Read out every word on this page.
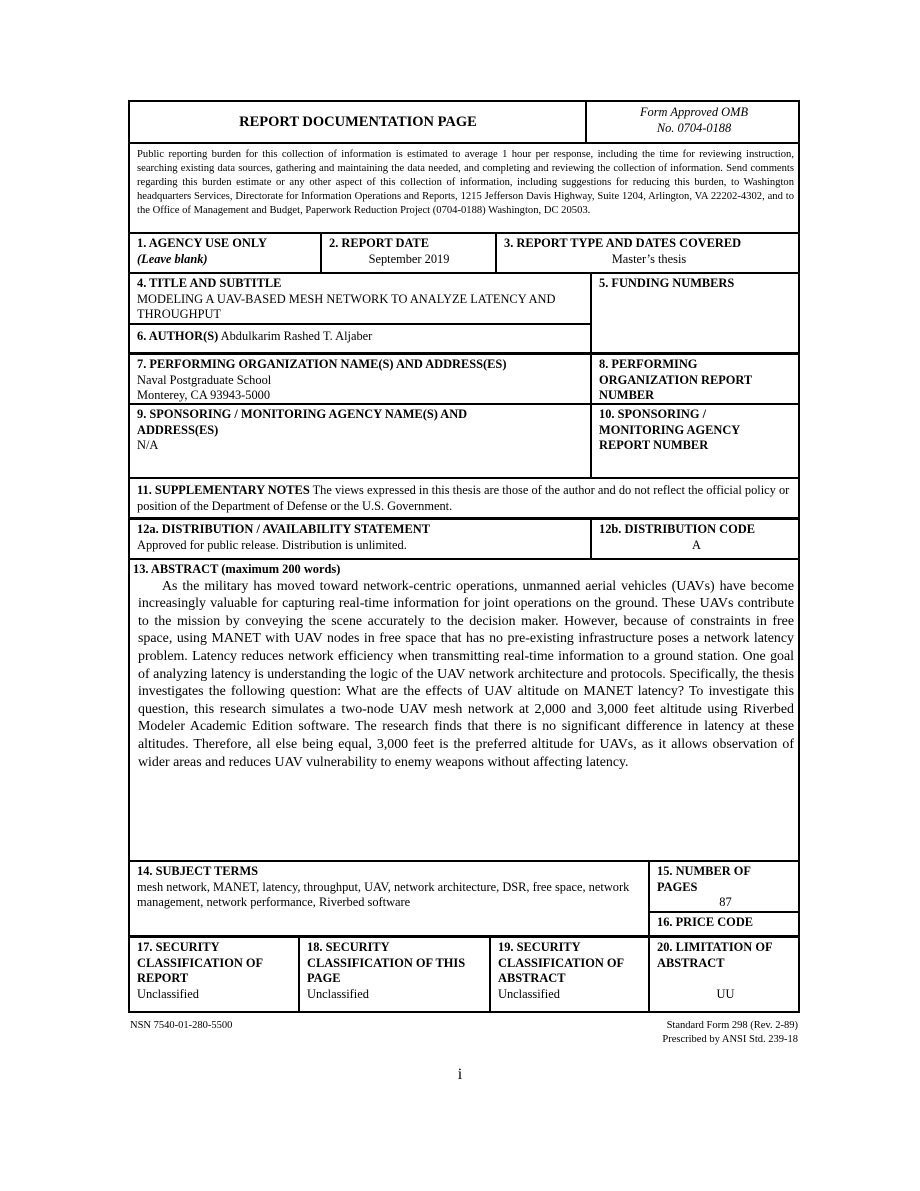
REPORT DOCUMENTATION PAGE
Form Approved OMB
No. 0704-0188
Public reporting burden for this collection of information is estimated to average 1 hour per response, including the time for reviewing instruction, searching existing data sources, gathering and maintaining the data needed, and completing and reviewing the collection of information. Send comments regarding this burden estimate or any other aspect of this collection of information, including suggestions for reducing this burden, to Washington headquarters Services, Directorate for Information Operations and Reports, 1215 Jefferson Davis Highway, Suite 1204, Arlington, VA 22202-4302, and to the Office of Management and Budget, Paperwork Reduction Project (0704-0188) Washington, DC 20503.
1. AGENCY USE ONLY
(Leave blank)
2. REPORT DATE
September 2019
3. REPORT TYPE AND DATES COVERED
Master’s thesis
4. TITLE AND SUBTITLE
MODELING A UAV-BASED MESH NETWORK TO ANALYZE LATENCY AND THROUGHPUT
6. AUTHOR(S) Abdulkarim Rashed T. Aljaber
5. FUNDING NUMBERS
7. PERFORMING ORGANIZATION NAME(S) AND ADDRESS(ES)
Naval Postgraduate School
Monterey, CA 93943-5000
8. PERFORMING ORGANIZATION REPORT NUMBER
9. SPONSORING / MONITORING AGENCY NAME(S) AND ADDRESS(ES)
N/A
10. SPONSORING / MONITORING AGENCY REPORT NUMBER
11. SUPPLEMENTARY NOTES The views expressed in this thesis are those of the author and do not reflect the official policy or position of the Department of Defense or the U.S. Government.
12a. DISTRIBUTION / AVAILABILITY STATEMENT
Approved for public release. Distribution is unlimited.
12b. DISTRIBUTION CODE
A
13. ABSTRACT (maximum 200 words)
As the military has moved toward network-centric operations, unmanned aerial vehicles (UAVs) have become increasingly valuable for capturing real-time information for joint operations on the ground. These UAVs contribute to the mission by conveying the scene accurately to the decision maker. However, because of constraints in free space, using MANET with UAV nodes in free space that has no pre-existing infrastructure poses a network latency problem. Latency reduces network efficiency when transmitting real-time information to a ground station. One goal of analyzing latency is understanding the logic of the UAV network architecture and protocols. Specifically, the thesis investigates the following question: What are the effects of UAV altitude on MANET latency? To investigate this question, this research simulates a two-node UAV mesh network at 2,000 and 3,000 feet altitude using Riverbed Modeler Academic Edition software. The research finds that there is no significant difference in latency at these altitudes. Therefore, all else being equal, 3,000 feet is the preferred altitude for UAVs, as it allows observation of wider areas and reduces UAV vulnerability to enemy weapons without affecting latency.
14. SUBJECT TERMS
mesh network, MANET, latency, throughput, UAV, network architecture, DSR, free space, network management, network performance, Riverbed software
15. NUMBER OF PAGES
87
16. PRICE CODE
17. SECURITY CLASSIFICATION OF REPORT
Unclassified
18. SECURITY CLASSIFICATION OF THIS PAGE
Unclassified
19. SECURITY CLASSIFICATION OF ABSTRACT
Unclassified
20. LIMITATION OF ABSTRACT
UU
NSN 7540-01-280-5500	Standard Form 298 (Rev. 2-89)
Prescribed by ANSI Std. 239-18
i
